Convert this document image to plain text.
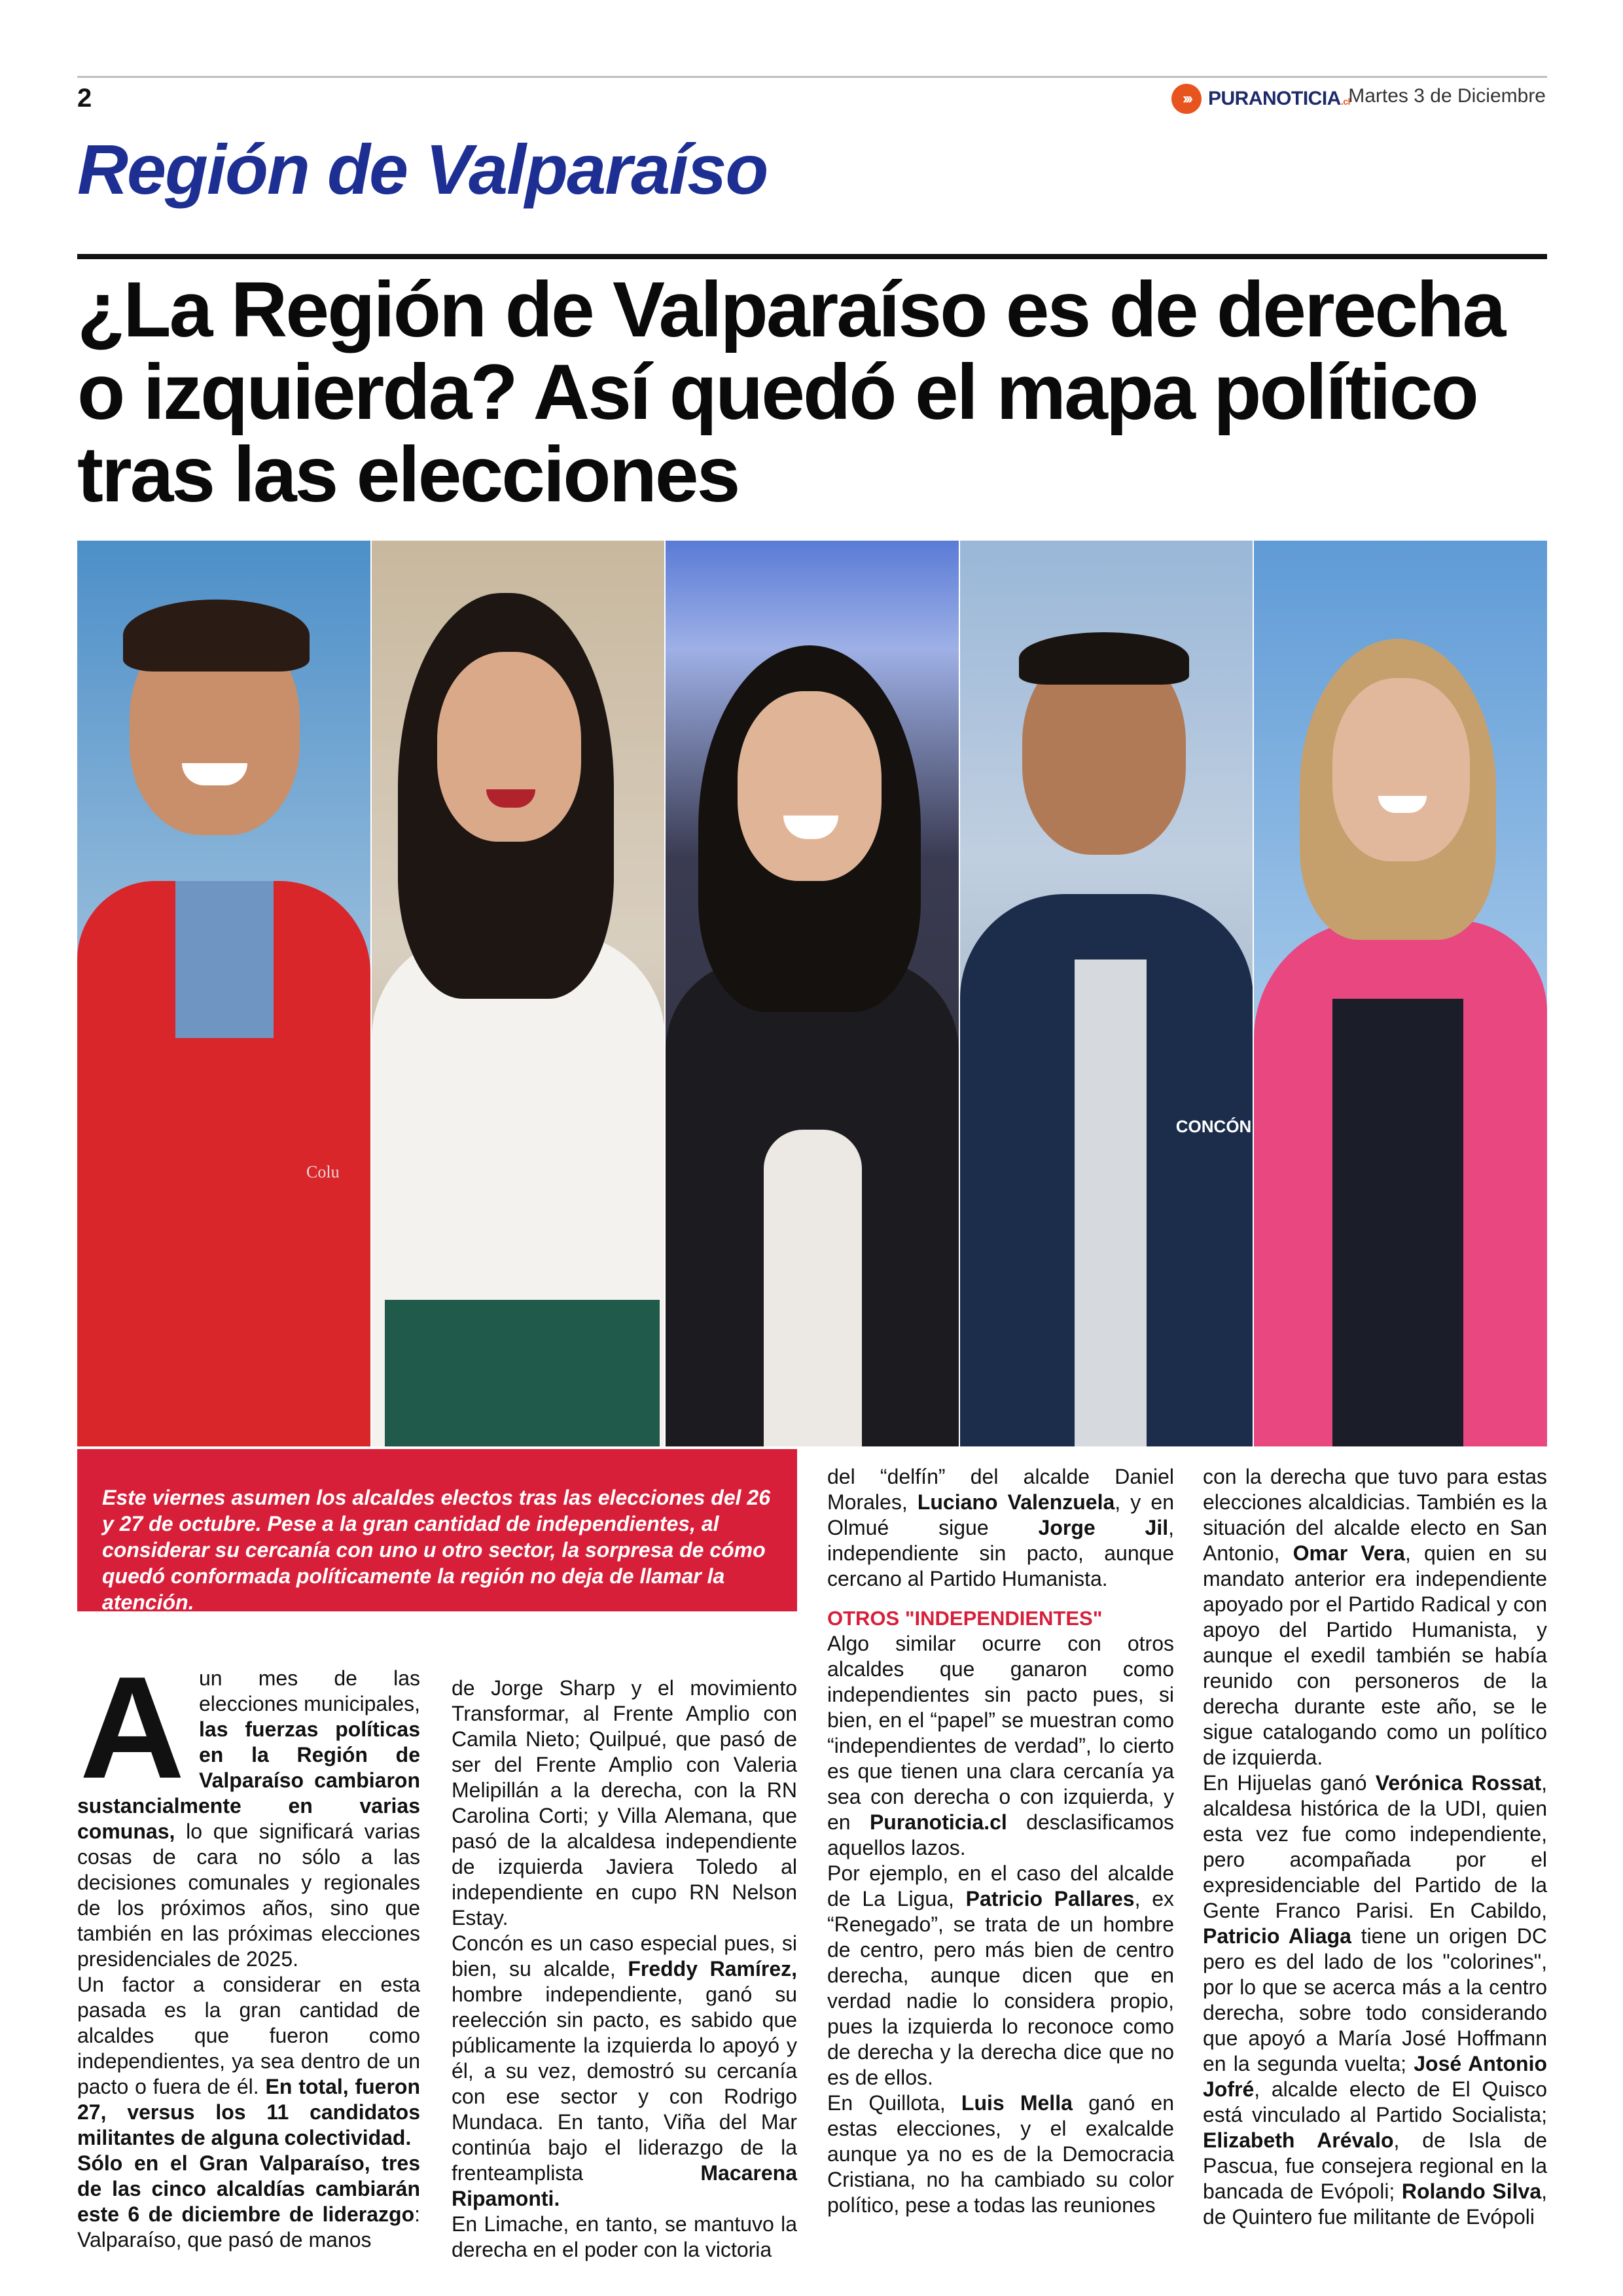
2	››› PURANOTICIA.cl
Martes 3 de Diciembre
Región de Valparaíso
¿La Región de Valparaíso es de derecha o izquierda? Así quedó el mapa político tras las elecciones
Colu
CONCÓN
Este viernes asumen los alcaldes electos tras las elecciones del 26 y 27 de octubre. Pese a la gran cantidad de independientes, al considerar su cercanía con uno u otro sector, la sorpresa de cómo quedó conformada políticamente la región no deja de llamar la atención.
A un mes de las elecciones municipales, las fuerzas políticas en la Región de Valparaíso cambiaron sustancialmente en varias comunas, lo que significará varias cosas de cara no sólo a las decisiones comunales y regionales de los próximos años, sino que también en las próximas elecciones presidenciales de 2025.

Un factor a considerar en esta pasada es la gran cantidad de alcaldes que fueron como independientes, ya sea dentro de un pacto o fuera de él. En total, fueron 27, versus los 11 candidatos militantes de alguna colectividad.

Sólo en el Gran Valparaíso, tres de las cinco alcaldías cambiarán este 6 de diciembre de liderazgo: Valparaíso, que pasó de manos

de Jorge Sharp y el movimiento Transformar, al Frente Amplio con Camila Nieto; Quilpué, que pasó de ser del Frente Amplio con Valeria Melipillán a la derecha, con la RN Carolina Corti; y Villa Alemana, que pasó de la alcaldesa independiente de izquierda Javiera Toledo al independiente en cupo RN Nelson Estay.

Concón es un caso especial pues, si bien, su alcalde, Freddy Ramírez, hombre independiente, ganó su reelección sin pacto, es sabido que públicamente la izquierda lo apoyó y él, a su vez, demostró su cercanía con ese sector y con Rodrigo Mundaca. En tanto, Viña del Mar continúa bajo el liderazgo de la frenteamplista Macarena Ripamonti.

En Limache, en tanto, se mantuvo la derecha en el poder con la victoria

del “delfín” del alcalde Daniel Morales, Luciano Valenzuela, y en Olmué sigue Jorge Jil, independiente sin pacto, aunque cercano al Partido Humanista.

OTROS "INDEPENDIENTES"

Algo similar ocurre con otros alcaldes que ganaron como independientes sin pacto pues, si bien, en el “papel” se muestran como “independientes de verdad”, lo cierto es que tienen una clara cercanía ya sea con derecha o con izquierda, y en Puranoticia.cl desclasificamos aquellos lazos.

Por ejemplo, en el caso del alcalde de La Ligua, Patricio Pallares, ex “Renegado”, se trata de un hombre de centro, pero más bien de centro derecha, aunque dicen que en verdad nadie lo considera propio, pues la izquierda lo reconoce como de derecha y la derecha dice que no es de ellos.

En Quillota, Luis Mella ganó en estas elecciones, y el exalcalde aunque ya no es de la Democracia Cristiana, no ha cambiado su color político, pese a todas las reuniones

con la derecha que tuvo para estas elecciones alcaldicias. También es la situación del alcalde electo en San Antonio, Omar Vera, quien en su mandato anterior era independiente apoyado por el Partido Radical y con apoyo del Partido Humanista, y aunque el exedil también se había reunido con personeros de la derecha durante este año, se le sigue catalogando como un político de izquierda.

En Hijuelas ganó Verónica Rossat, alcaldesa histórica de la UDI, quien esta vez fue como independiente, pero acompañada por el expresidenciable del Partido de la Gente Franco Parisi. En Cabildo, Patricio Aliaga tiene un origen DC pero es del lado de los "colorines", por lo que se acerca más a la centro derecha, sobre todo considerando que apoyó a María José Hoffmann en la segunda vuelta; José Antonio Jofré, alcalde electo de El Quisco está vinculado al Partido Socialista; Elizabeth Arévalo, de Isla de Pascua, fue consejera regional en la bancada de Evópoli; Rolando Silva, de Quintero fue militante de Evópoli
